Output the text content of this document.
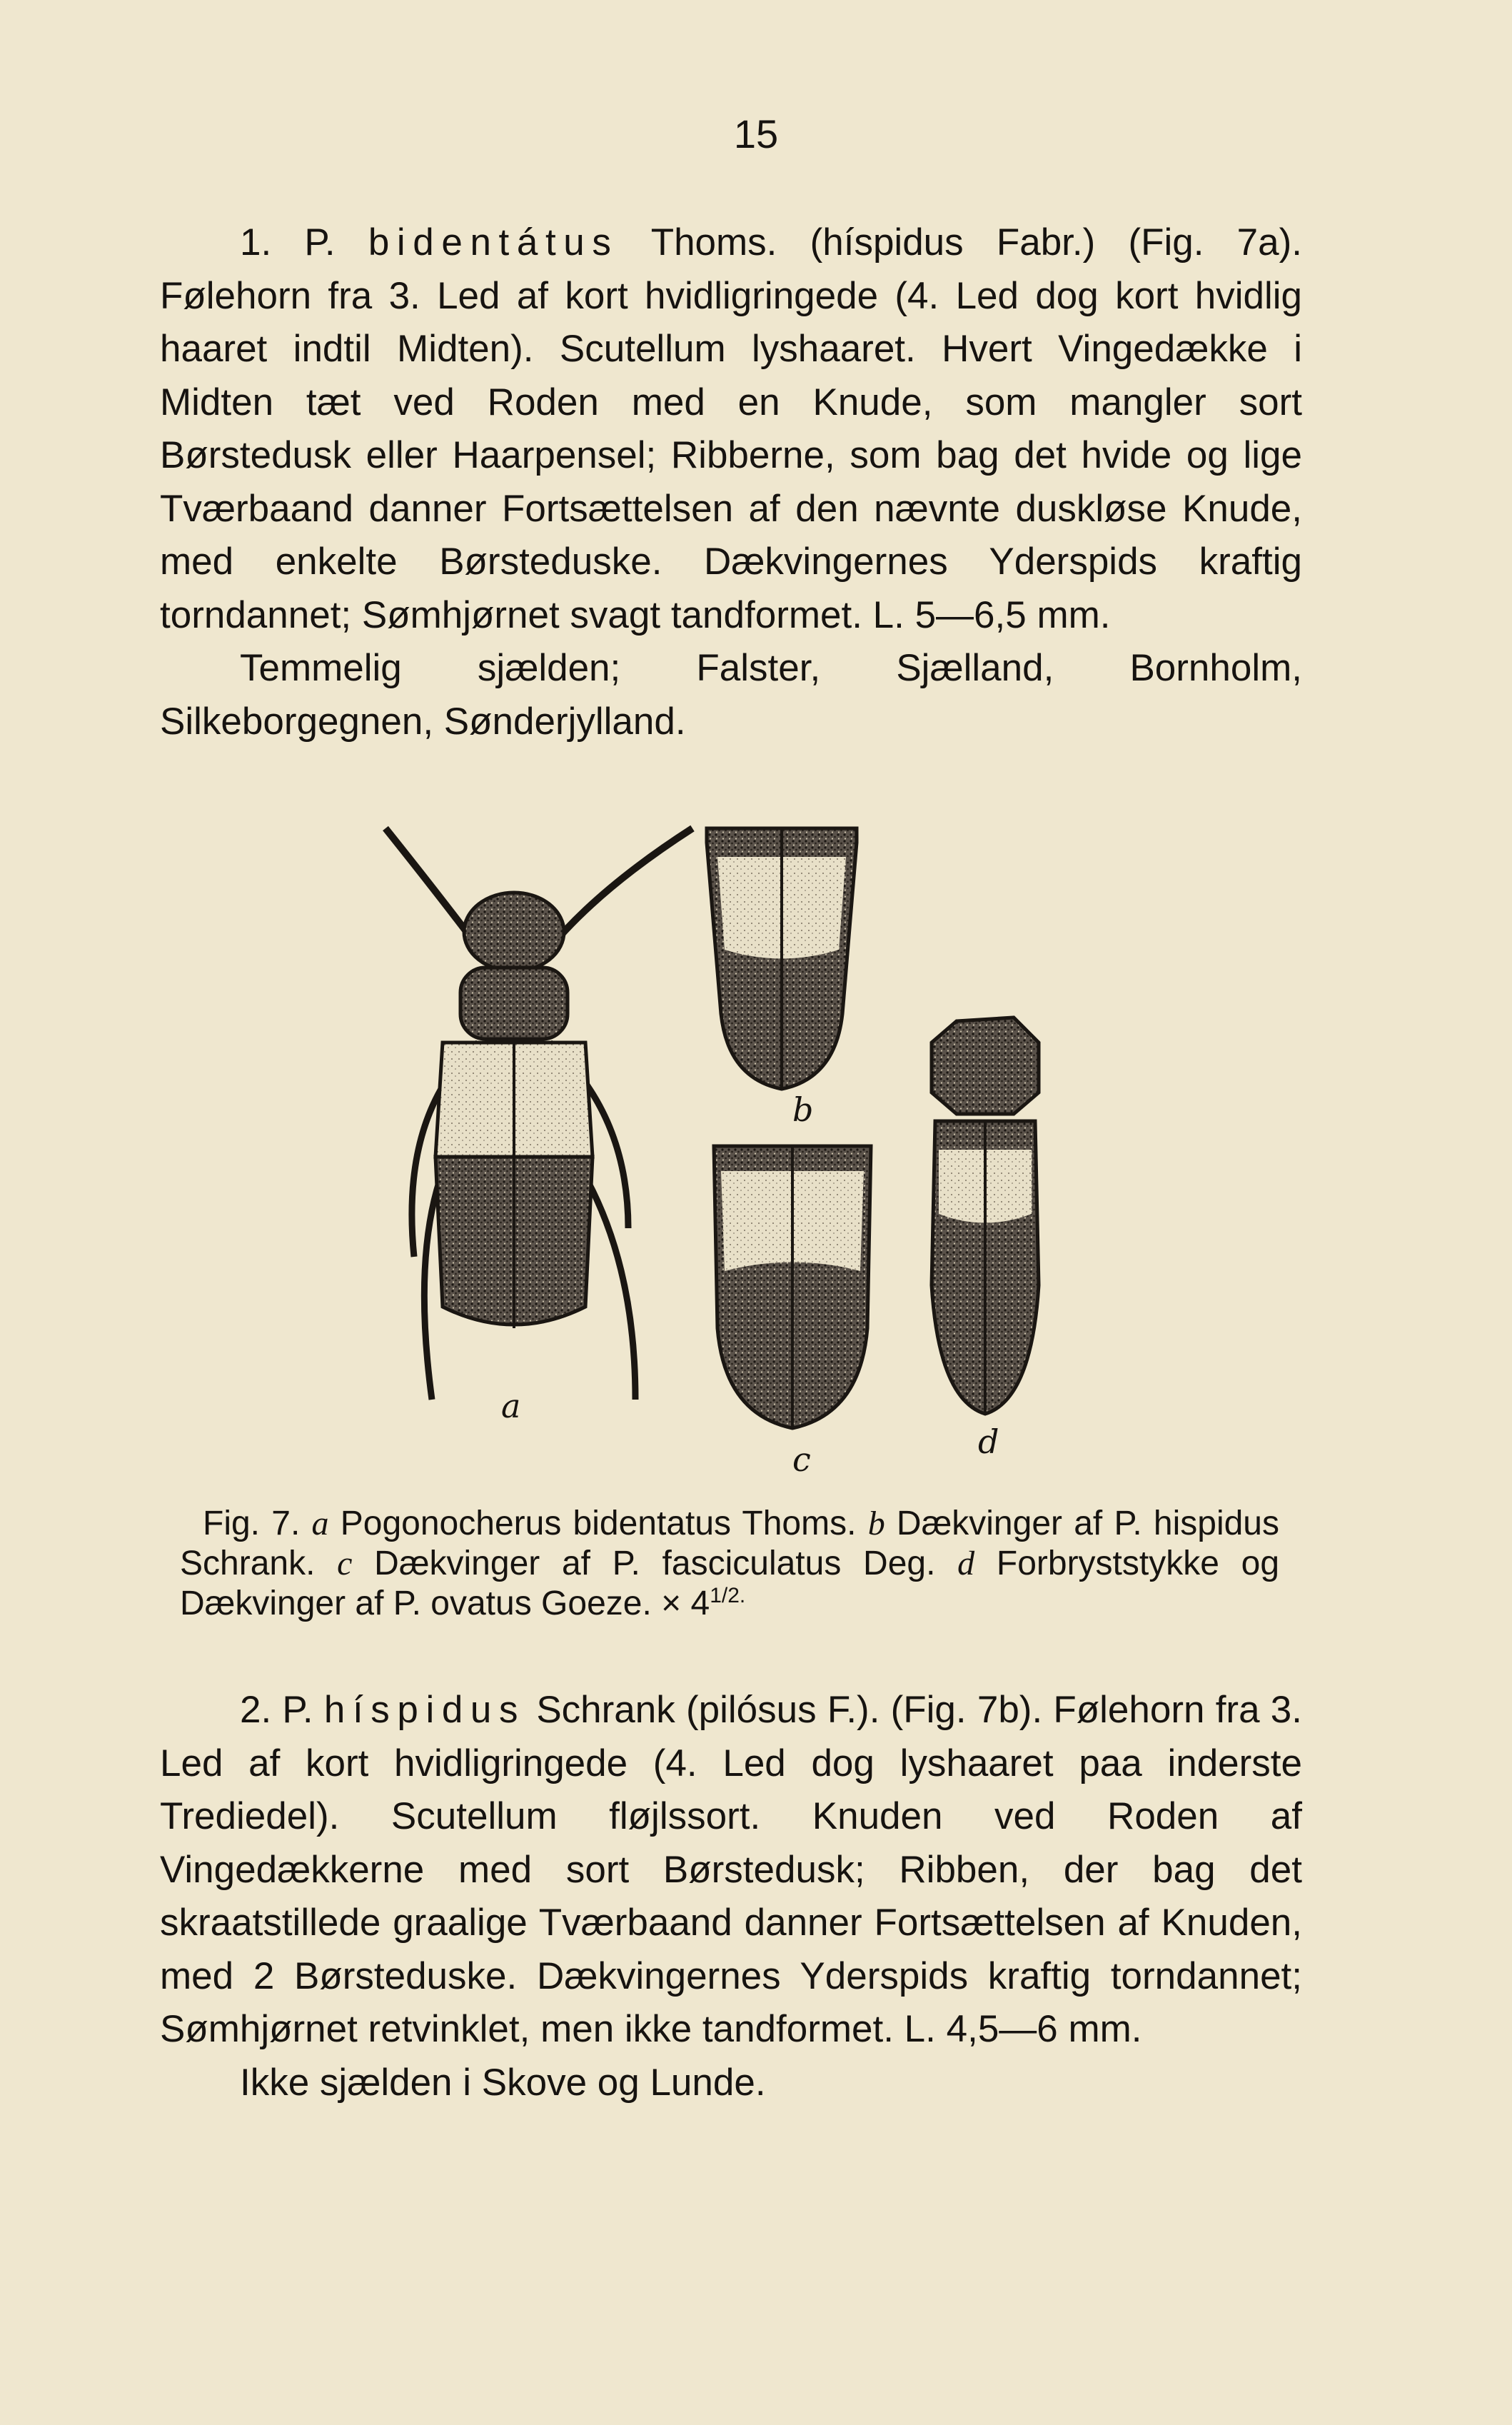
15

1. P. bidentátus Thoms. (híspidus Fabr.) (Fig. 7a). Følehorn fra 3. Led af kort hvidligringede (4. Led dog kort hvidlig haaret indtil Midten). Scutellum lyshaaret. Hvert Vingedække i Midten tæt ved Roden med en Knude, som mangler sort Børstedusk eller Haarpensel; Ribberne, som bag det hvide og lige Tværbaand danner Fortsættelsen af den nævnte duskløse Knude, med enkelte Børsteduske. Dækvingernes Yderspids kraftig torndannet; Sømhjørnet svagt tandformet. L. 5—6,5 mm.

Temmelig sjælden; Falster, Sjælland, Bornholm, Silkeborgegnen, Sønderjylland.

a
b
c	d

Fig. 7. a Pogonocherus bidentatus Thoms. b Dækvinger af P. hispidus Schrank. c Dækvinger af P. fasciculatus Deg. d Forbrystst​ykke og Dækvinger af P. ovatus Goeze. × $4^{1/2.}$

2. P. híspidus Schrank (pilósus F.). (Fig. 7b). Følehorn fra 3. Led af kort hvidligringede (4. Led dog lyshaaret paa inderste Trediedel). Scutellum fløjlssort. Knuden ved Roden af Vingedækkerne med sort Børstedusk; Ribben, der bag det skraatstillede graalige Tværbaand danner Fortsættelsen af Knuden, med 2 Børsteduske. Dækvingernes Yderspids kraftig torndannet; Sømhjørnet retvinklet, men ikke tandformet. L. 4,5—6 mm.

Ikke sjælden i Skove og Lunde.
